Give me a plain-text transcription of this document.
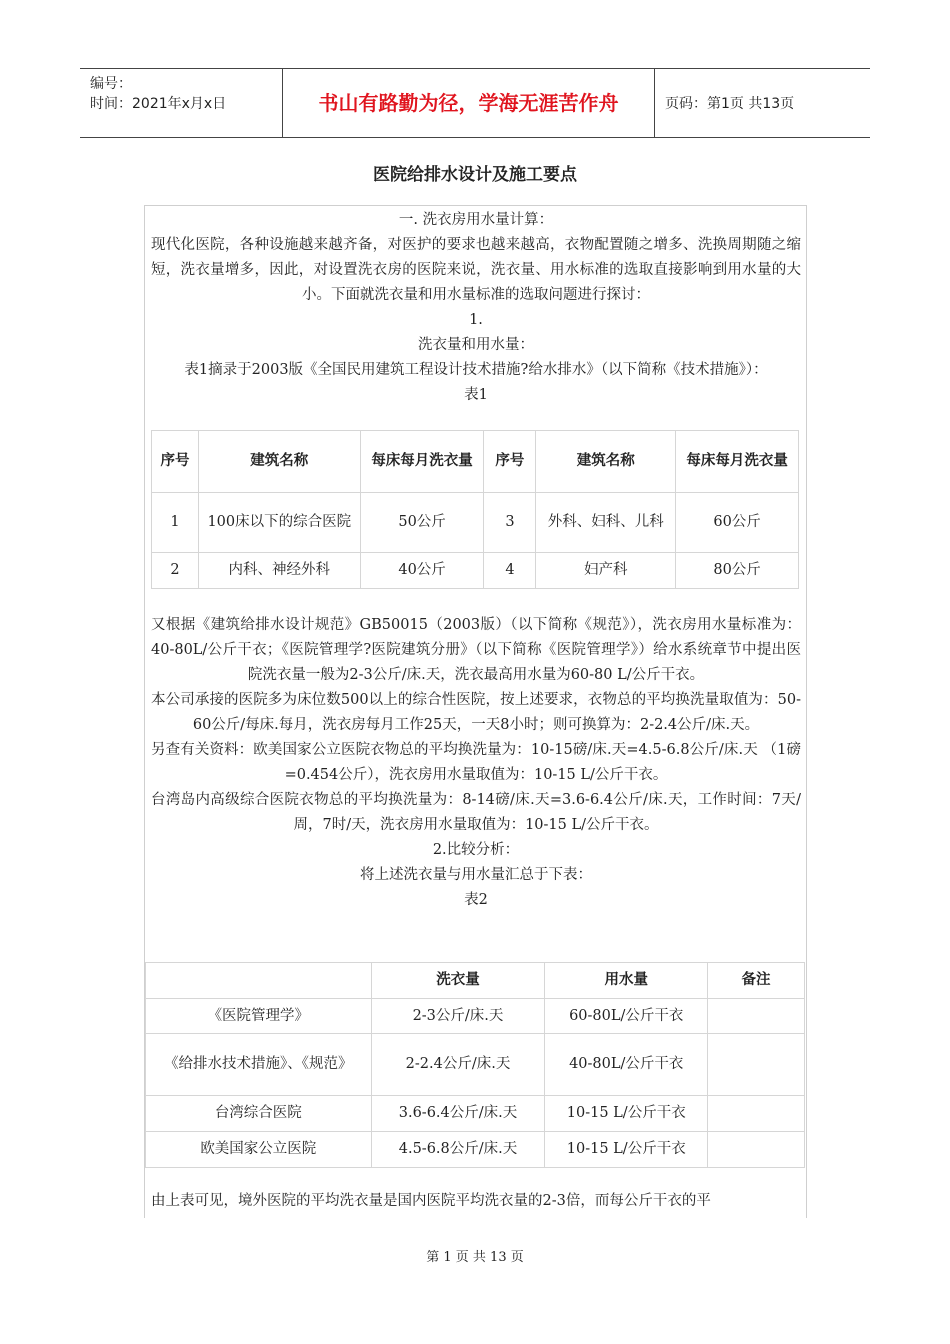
编号：
时间：2021年x月x日	书山有路勤为径，学海无涯苦作舟	页码：第1页 共13页
医院给排水设计及施工要点
一. 洗衣房用水量计算：

现代化医院，各种设施越来越齐备，对医护的要求也越来越高，衣物配置随之增多、洗换周期随之缩短，洗衣量增多，因此，对设置洗衣房的医院来说，洗衣量、用水标准的选取直接影响到用水量的大小。下面就洗衣量和用水量标准的选取问题进行探讨：

1.
洗衣量和用水量：

表1摘录于2003版《全国民用建筑工程设计技术措施?给水排水》（以下简称《技术措施》）：

表1

又根据《建筑给排水设计规范》GB50015（2003版）（以下简称《规范》），洗衣房用水量标准为：40-80L/公斤干衣；《医院管理学?医院建筑分册》（以下简称《医院管理学》）给水系统章节中提出医院洗衣量一般为2-3公斤/床.天，洗衣最高用水量为60-80 L/公斤干衣。

本公司承接的医院多为床位数500以上的综合性医院，按上述要求，衣物总的平均换洗量取值为：50-60公斤/每床.每月，洗衣房每月工作25天，一天8小时；则可换算为：2-2.4公斤/床.天。

另查有关资料：欧美国家公立医院衣物总的平均换洗量为：10-15磅/床.天=4.5-6.8公斤/床.天 （1磅=0.454公斤），洗衣房用水量取值为：10-15 L/公斤干衣。

台湾岛内高级综合医院衣物总的平均换洗量为：8-14磅/床.天=3.6-6.4公斤/床.天，工作时间：7天/周，7时/天，洗衣房用水量取值为：10-15 L/公斤干衣。

2.比较分析：
将上述洗衣量与用水量汇总于下表：
表2

由上表可见，境外医院的平均洗衣量是国内医院平均洗衣量的2-3倍，而每公斤干衣的平

序号	建筑名称	每床每月洗衣量	序号	建筑名称	每床每月洗衣量
1	100床以下的综合医院	50公斤	3	外科、妇科、儿科	60公斤
2	内科、神经外科	40公斤	4	妇产科	80公斤
	洗衣量	用水量	备注
《医院管理学》	2-3公斤/床.天	60-80L/公斤干衣	
《给排水技术措施》、《规范》	2-2.4公斤/床.天	40-80L/公斤干衣	
台湾综合医院	3.6-6.4公斤/床.天	10-15 L/公斤干衣	
欧美国家公立医院	4.5-6.8公斤/床.天	10-15 L/公斤干衣	
第 1 页 共 13 页
